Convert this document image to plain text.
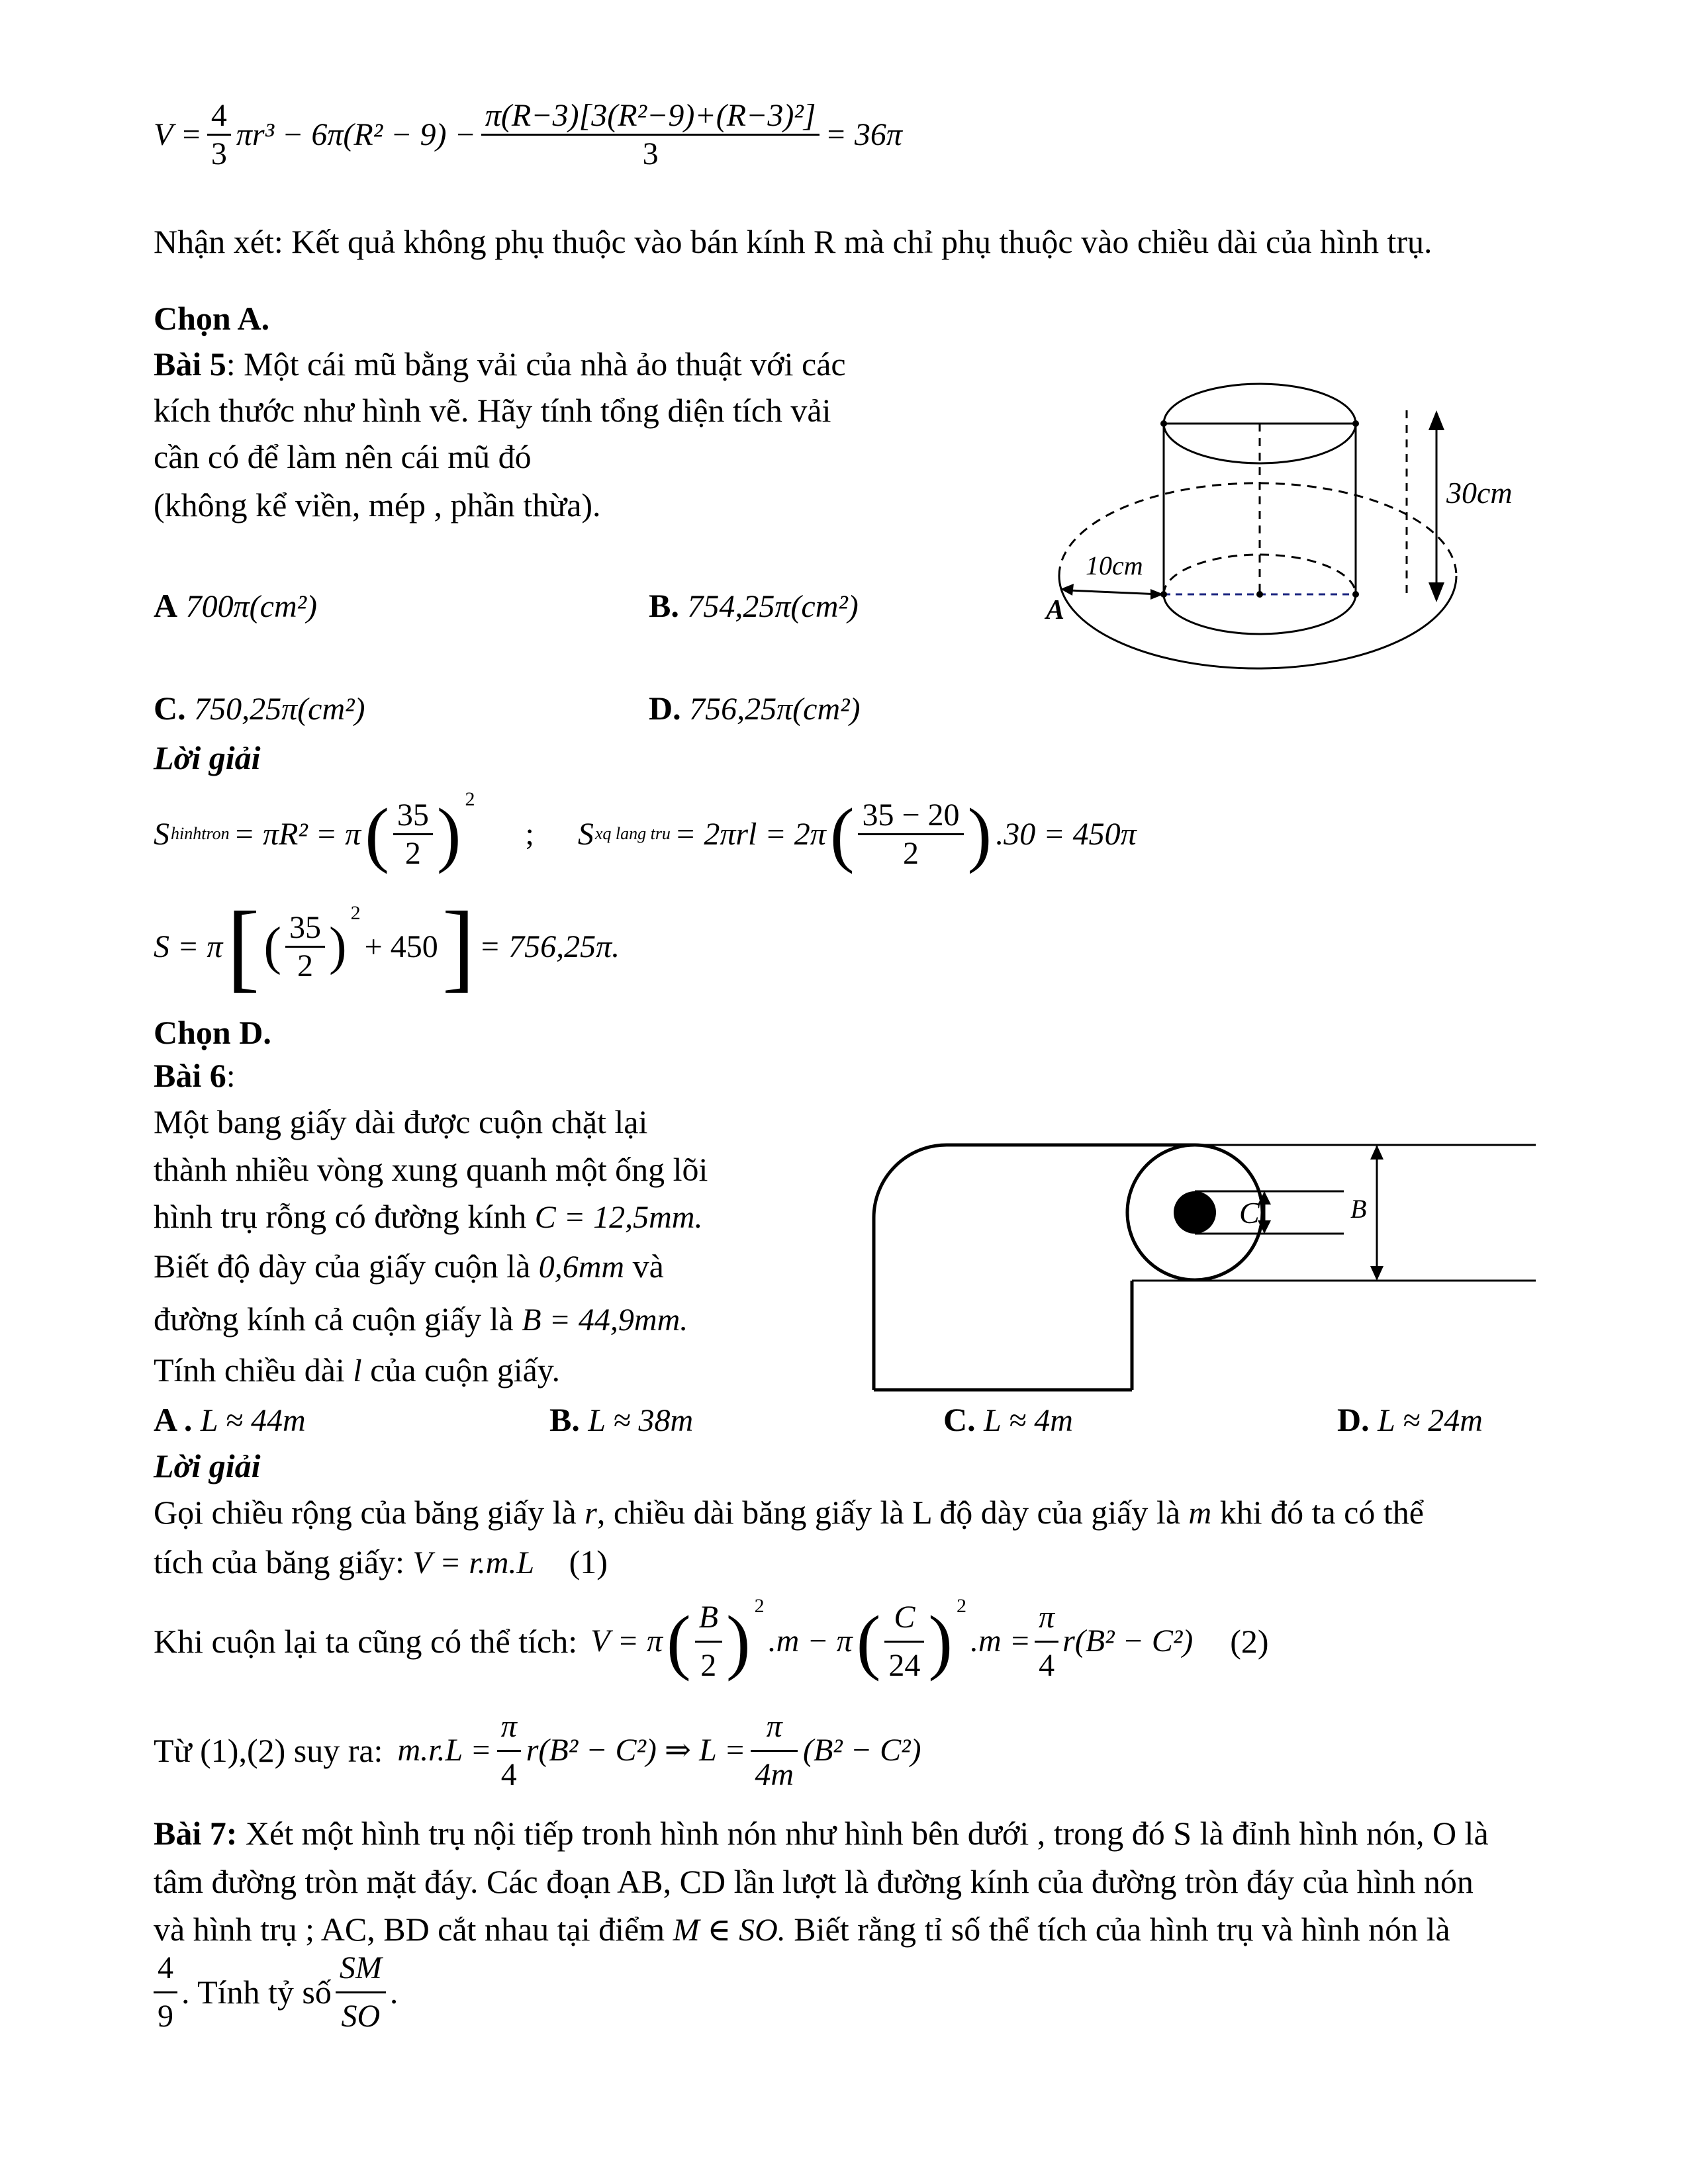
$V = \frac{4}{3} \pi r^3 - 6\pi(R^2 - 9) - \frac{\text{π(R−3)[3(R²−9)+(R−3)²]}}{3} = 36\pi$
Nhận xét: Kết quả không phụ thuộc vào bán kính R mà chỉ phụ thuộc vào chiều dài của hình trụ.
Chọn A.
Bài 5: Một cái mũ bằng vải của nhà ảo thuật với các
kích thước như hình vẽ. Hãy tính tổng diện tích vải
cần có để làm nên cái mũ đó
(không kể viền, mép , phần thừa).
A 700π(cm²)	B. 754,25π(cm²)
C. 750,25π(cm²)	D. 756,25π(cm²)
Lời giải
S hinhtron = πR² = π ( $\frac{35}{2}$ ) 2
; S xq lang tru = 2πrl = 2π ( $\frac{35 - 20}{2}$ ) .30 = 450π
S = π [ ( $\frac{35}{2}$ )
2
+ 450 ] = 756,25π.
Chọn D.
10cm
A
30cm
Bài 6:
Một bang giấy dài được cuộn chặt lại
thành nhiều vòng xung quanh một ống lõi
hình trụ rỗng có đường kính C = 12,5mm.
Biết độ dày của giấy cuộn là 0,6mm và
đường kính cả cuộn giấy là B = 44,9mm.
Tính chiều dài l của cuộn giấy.
A . L ≈ 44m	B. L ≈ 38m	C. L ≈ 4m	D. L ≈ 24m
Lời giải
Gọi chiều rộng của băng giấy là r, chiều dài băng giấy là L độ dày của giấy là m khi đó ta có thể
tích của băng giấy: V = r.m.L (1)
Khi cuộn lại ta cũng có thể tích: V = π ( $\frac{B}{2}$ ) 2
.m − π ( $\frac{C}{24}$ ) 2
$.m = \frac{\pi}{4} r(B^2 - C^2)$ (2)
Từ (1),(2) suy ra: $m.r.L = \frac{\pi}{4} r(B^2 - C^2)$ ⇒ $L = \frac{\pi}{4m} (B^2 - C^2)$
C	B
Bài 7: Xét một hình trụ nội tiếp tronh hình nón như hình bên dưới , trong đó S là đỉnh hình nón, O là
tâm đường tròn mặt đáy. Các đoạn AB, CD lần lượt là đường kính của đường tròn đáy của hình nón
và hình trụ ; AC, BD cắt nhau tại điểm M ∈ SO. Biết rằng tỉ số thể tích của hình trụ và hình nón là
$\frac{4}{9}$ . Tính tỷ số $\frac{SM}{SO}$ .
